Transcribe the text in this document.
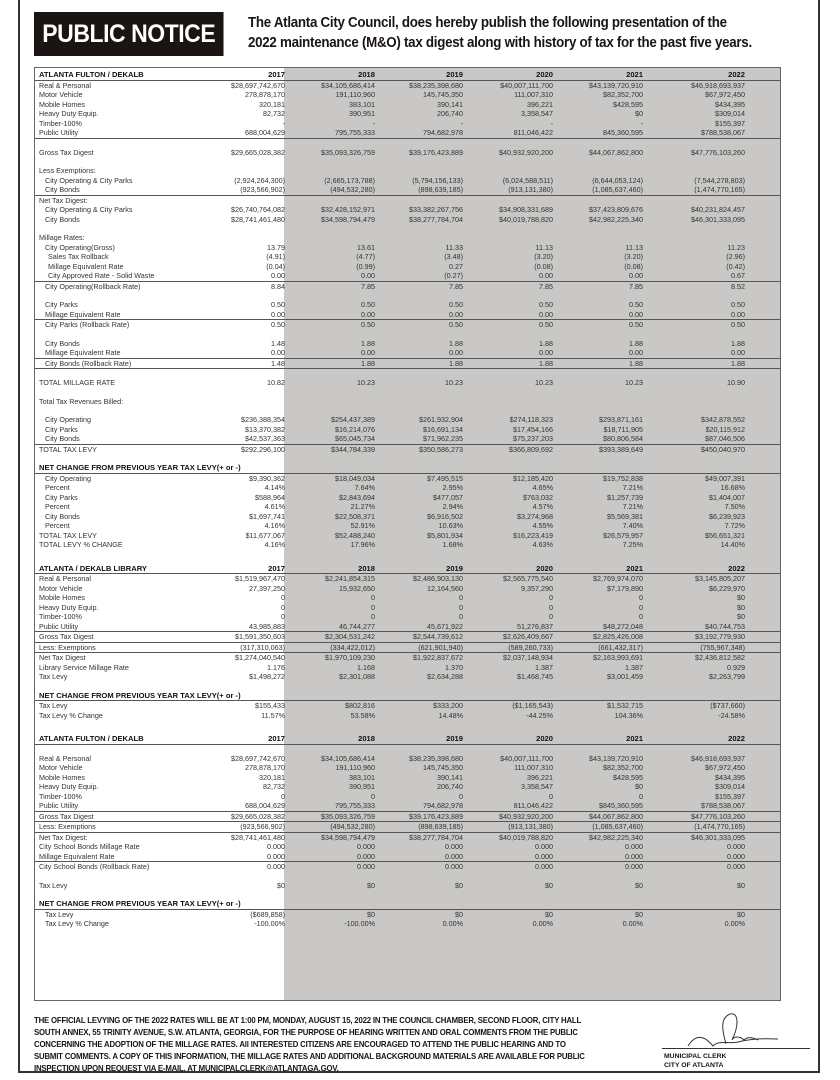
PUBLIC NOTICE	The Atlanta City Council, does hereby publish the following presentation of the
2022 maintenance (M&O) tax digest along with history of tax for the past five years.
ATLANTA FULTON / DEKALB	2017	2018	2019	2020	2021	2022
Real & Personal	$28,697,742,670	$34,105,686,414	$38,235,398,680	$40,007,111,700	$43,139,720,910	$46,918,693,937
Motor Vehicle	278,878,170	191,110,960	145,745,350	111,007,310	$82,352,700	$67,972,450
Mobile Homes	320,181	383,101	390,141	396,221	$428,595	$434,395
Heavy Duty Equip.	82,732	390,951	206,740	3,358,547	$0	$309,014
Timber-100%	-	-	-	-	-	$155,397
Public Utility	688,004,629	795,755,333	794,682,978	811,046,422	845,360,595	$788,538,067
Gross Tax Digest	$29,665,028,382	$35,093,326,759	$39,176,423,889	$40,932,920,200	$44,067,862,800	$47,776,103,260
Less Exemptions:
City Operating & City Parks	(2,924,264,300)	(2,665,173,788)	(5,794,156,133)	(6,024,588,511)	(6,644,053,124)	(7,544,278,803)
City Bonds	(923,566,902)	(494,532,280)	(898,639,185)	(913,131,380)	(1,085,637,460)	(1,474,770,165)
Net Tax Digest:
City Operating & City Parks	$26,740,764,082	$32,428,152,971	$33,382,267,756	$34,908,331,689	$37,423,809,676	$40,231,824,457
City Bonds	$28,741,461,480	$34,598,794,479	$38,277,784,704	$40,019,788,820	$42,982,225,340	$46,301,333,095
Millage Rates:
City Operating(Gross)	13.79	13.61	11.33	11.13	11.13	11.23
Sales Tax Rollback	(4.91)	(4.77)	(3.48)	(3.20)	(3.20)	(2.96)
Millage Equivalent Rate	(0.04)	(0.99)	0.27	(0.08)	(0.08)	(0.42)
City Approved Rate - Solid Waste	0.00	0.00	(0.27)	0.00	0.00	0.67
City Operating(Rollback Rate)	8.84	7.85	7.85	7.85	7.85	8.52
City Parks	0.50	0.50	0.50	0.50	0.50	0.50
Millage Equivalent Rate	0.00	0.00	0.00	0.00	0.00	0.00
City Parks (Rollback Rate)	0.50	0.50	0.50	0.50	0.50	0.50
City Bonds	1.48	1.88	1.88	1.88	1.88	1.88
Millage Equivalent Rate	0.00	0.00	0.00	0.00	0.00	0.00
City Bonds (Rollback Rate)	1.48	1.88	1.88	1.88	1.88	1.88
TOTAL MILLAGE RATE	10.82	10.23	10.23	10.23	10.23	10.90
Total Tax Revenues Billed:
City Operating	$236,388,354	$254,437,389	$261,932,904	$274,118,323	$293,871,161	$342,878,552
City Parks	$13,370,382	$16,214,076	$16,691,134	$17,454,166	$18,711,905	$20,115,912
City Bonds	$42,537,363	$65,045,734	$71,962,235	$75,237,203	$80,806,584	$87,046,506
TOTAL TAX LEVY	$292,296,100	$344,784,339	$350,586,273	$366,809,692	$393,389,649	$450,040,970
NET CHANGE FROM PREVIOUS YEAR TAX LEVY(+ or -)
City Operating	$9,390,362	$18,049,034	$7,495,515	$12,185,420	$19,752,838	$49,007,391
Percent	4.14%	7.64%	2.95%	4.65%	7.21%	16.68%
City Parks	$588,964	$2,843,694	$477,057	$763,032	$1,257,739	$1,404,007
Percent	4.61%	21.27%	2.94%	4.57%	7.21%	7.50%
City Bonds	$1,697,741	$22,508,371	$6,916,502	$3,274,968	$5,569,381	$6,239,923
Percent	4.16%	52.91%	10.63%	4.55%	7.40%	7.72%
TOTAL TAX LEVY	$11,677,067	$52,488,240	$5,801,934	$16,223,419	$26,579,957	$56,651,321
TOTAL LEVY % CHANGE	4.16%	17.96%	1.68%	4.63%	7.25%	14.40%
ATLANTA / DEKALB LIBRARY	2017	2018	2019	2020	2021	2022
Real & Personal	$1,519,967,470	$2,241,854,315	$2,486,903,130	$2,565,775,540	$2,769,974,070	$3,145,805,207
Motor Vehicle	27,397,250	15,932,650	12,164,560	9,357,290	$7,179,890	$6,229,970
Mobile Homes	0	0	0	0	0	$0
Heavy Duty Equip.	0	0	0	0	0	$0
Timber-100%	0	0	0	0	0	$0
Public Utility	43,985,883	46,744,277	45,671,922	51,276,837	$48,272,048	$40,744,753
Gross Tax Digest	$1,591,350,603	$2,304,531,242	$2,544,739,612	$2,626,409,667	$2,825,426,008	$3,192,779,930
Less: Exemptions	(317,310,063)	(334,422,012)	(621,901,940)	(589,260,733)	(661,432,317)	(755,967,348)
Net Tax Digest	$1,274,040,540	$1,970,109,230	$1,922,837,672	$2,037,148,934	$2,163,993,691	$2,436,812,582
Library Service Millage Rate	1.176	1.168	1.370	1.387	1.387	0.929
Tax Levy	$1,498,272	$2,301,088	$2,634,288	$1,468,745	$3,001,459	$2,263,799
NET CHANGE FROM PREVIOUS YEAR TAX LEVY(+ or -)
Tax Levy	$155,433	$802,816	$333,200	($1,165,543)	$1,532,715	($737,660)
Tax Levy % Change	11.57%	53.58%	14.48%	-44.25%	104.36%	-24.58%
ATLANTA FULTON / DEKALB	2017	2018	2019	2020	2021	2022
Real & Personal	$28,697,742,670	$34,105,686,414	$38,235,398,680	$40,007,111,700	$43,139,720,910	$46,918,693,937
Motor Vehicle	278,878,170	191,110,960	145,745,350	111,007,310	$82,352,700	$67,972,450
Mobile Homes	320,181	383,101	390,141	396,221	$428,595	$434,395
Heavy Duty Equip.	82,732	390,951	206,740	3,358,547	$0	$309,014
Timber-100%	0	0	0	0	0	$155,397
Public Utility	688,004,629	795,755,333	794,682,978	811,046,422	$845,360,595	$788,538,067
Gross Tax Digest	$29,665,028,382	$35,093,326,759	$39,176,423,889	$40,932,920,200	$44,067,862,800	$47,776,103,260
Less: Exemptions	(923,566,902)	(494,532,280)	(898,639,185)	(913,131,380)	(1,085,637,460)	(1,474,770,165)
Net Tax Digest:	$28,741,461,480	$34,598,794,479	$38,277,784,704	$40,019,788,820	$42,982,225,340	$46,301,333,095
City School Bonds Millage Rate	0.000	0.000	0.000	0.000	0.000	0.000
Millage Equivalent Rate	0.000	0.000	0.000	0.000	0.000	0.000
City School Bonds (Rollback Rate)	0.000	0.000	0.000	0.000	0.000	0.000
Tax Levy	$0	$0	$0	$0	$0	$0
NET CHANGE FROM PREVIOUS YEAR TAX LEVY(+ or -)
Tax Levy	($689,858)	$0	$0	$0	$0	$0
Tax Levy % Change	-100.00%	-100.00%	0.00%	0.00%	0.00%	0.00%
THE OFFICIAL LEVYING OF THE 2022 RATES WILL BE AT 1:00 PM, MONDAY, AUGUST 15, 2022 IN THE COUNCIL CHAMBER, SECOND FLOOR, CITY HALL SOUTH ANNEX, 55 TRINITY AVENUE, S.W. ATLANTA, GEORGIA, FOR THE PURPOSE OF HEARING WRITTEN AND ORAL COMMENTS FROM THE PUBLIC CONCERNING THE ADOPTION OF THE MILLAGE RATES. All INTERESTED CITIZENS ARE ENCOURAGED TO ATTEND THE PUBLIC HEARING AND TO SUBMIT COMMENTS. A COPY OF THIS INFORMATION, THE MILLAGE RATES AND ADDITIONAL BACKGROUND MATERIALS ARE AVAILABLE FOR PUBLIC INSPECTION UPON REQUEST VIA E-MAIL. AT MUNICIPALCLERK@ATLANTAGA.GOV.
MUNICIPAL CLERK
CITY OF ATLANTA
